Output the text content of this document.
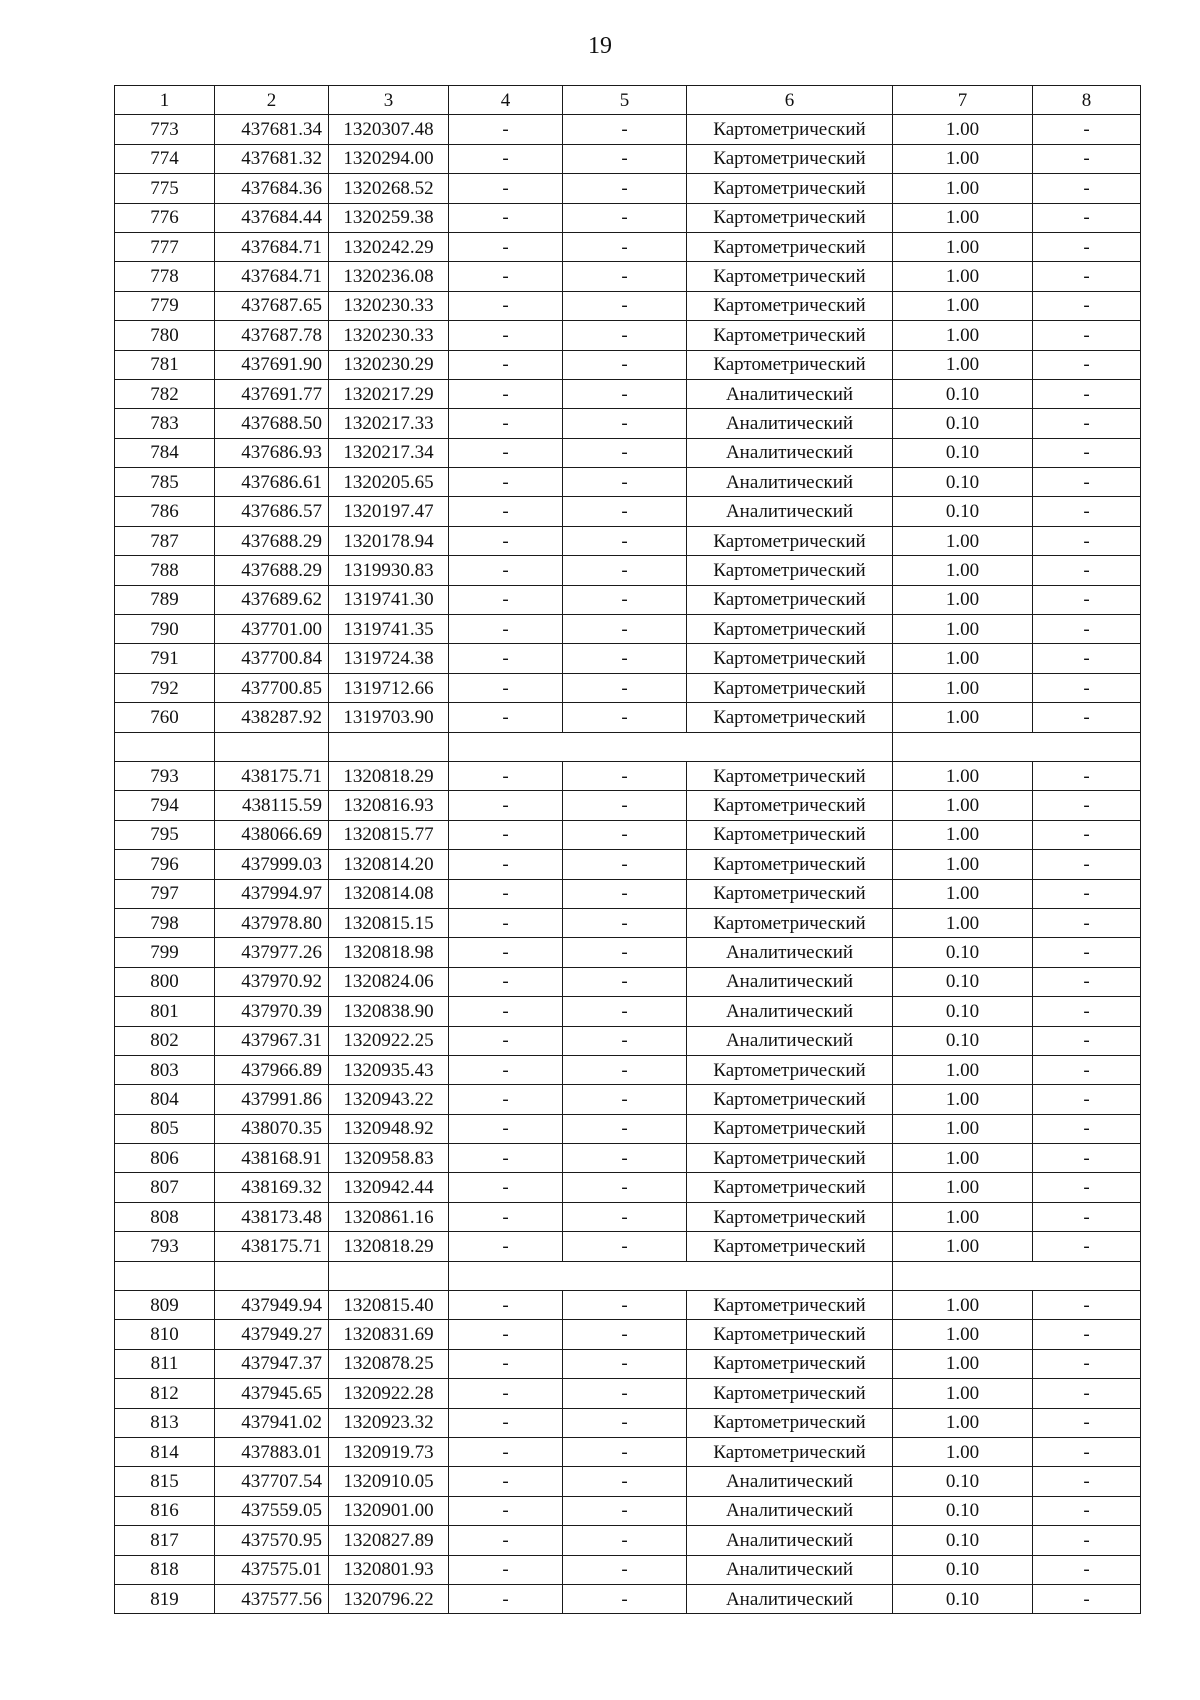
19
1	2	3	4	5	6	7	8
773	437681.34	1320307.48	-	-	Картометрический	1.00	-
774	437681.32	1320294.00	-	-	Картометрический	1.00	-
775	437684.36	1320268.52	-	-	Картометрический	1.00	-
776	437684.44	1320259.38	-	-	Картометрический	1.00	-
777	437684.71	1320242.29	-	-	Картометрический	1.00	-
778	437684.71	1320236.08	-	-	Картометрический	1.00	-
779	437687.65	1320230.33	-	-	Картометрический	1.00	-
780	437687.78	1320230.33	-	-	Картометрический	1.00	-
781	437691.90	1320230.29	-	-	Картометрический	1.00	-
782	437691.77	1320217.29	-	-	Аналитический	0.10	-
783	437688.50	1320217.33	-	-	Аналитический	0.10	-
784	437686.93	1320217.34	-	-	Аналитический	0.10	-
785	437686.61	1320205.65	-	-	Аналитический	0.10	-
786	437686.57	1320197.47	-	-	Аналитический	0.10	-
787	437688.29	1320178.94	-	-	Картометрический	1.00	-
788	437688.29	1319930.83	-	-	Картометрический	1.00	-
789	437689.62	1319741.30	-	-	Картометрический	1.00	-
790	437701.00	1319741.35	-	-	Картометрический	1.00	-
791	437700.84	1319724.38	-	-	Картометрический	1.00	-
792	437700.85	1319712.66	-	-	Картометрический	1.00	-
760	438287.92	1319703.90	-	-	Картометрический	1.00	-

793	438175.71	1320818.29	-	-	Картометрический	1.00	-
794	438115.59	1320816.93	-	-	Картометрический	1.00	-
795	438066.69	1320815.77	-	-	Картометрический	1.00	-
796	437999.03	1320814.20	-	-	Картометрический	1.00	-
797	437994.97	1320814.08	-	-	Картометрический	1.00	-
798	437978.80	1320815.15	-	-	Картометрический	1.00	-
799	437977.26	1320818.98	-	-	Аналитический	0.10	-
800	437970.92	1320824.06	-	-	Аналитический	0.10	-
801	437970.39	1320838.90	-	-	Аналитический	0.10	-
802	437967.31	1320922.25	-	-	Аналитический	0.10	-
803	437966.89	1320935.43	-	-	Картометрический	1.00	-
804	437991.86	1320943.22	-	-	Картометрический	1.00	-
805	438070.35	1320948.92	-	-	Картометрический	1.00	-
806	438168.91	1320958.83	-	-	Картометрический	1.00	-
807	438169.32	1320942.44	-	-	Картометрический	1.00	-
808	438173.48	1320861.16	-	-	Картометрический	1.00	-
793	438175.71	1320818.29	-	-	Картометрический	1.00	-

809	437949.94	1320815.40	-	-	Картометрический	1.00	-
810	437949.27	1320831.69	-	-	Картометрический	1.00	-
811	437947.37	1320878.25	-	-	Картометрический	1.00	-
812	437945.65	1320922.28	-	-	Картометрический	1.00	-
813	437941.02	1320923.32	-	-	Картометрический	1.00	-
814	437883.01	1320919.73	-	-	Картометрический	1.00	-
815	437707.54	1320910.05	-	-	Аналитический	0.10	-
816	437559.05	1320901.00	-	-	Аналитический	0.10	-
817	437570.95	1320827.89	-	-	Аналитический	0.10	-
818	437575.01	1320801.93	-	-	Аналитический	0.10	-
819	437577.56	1320796.22	-	-	Аналитический	0.10	-
